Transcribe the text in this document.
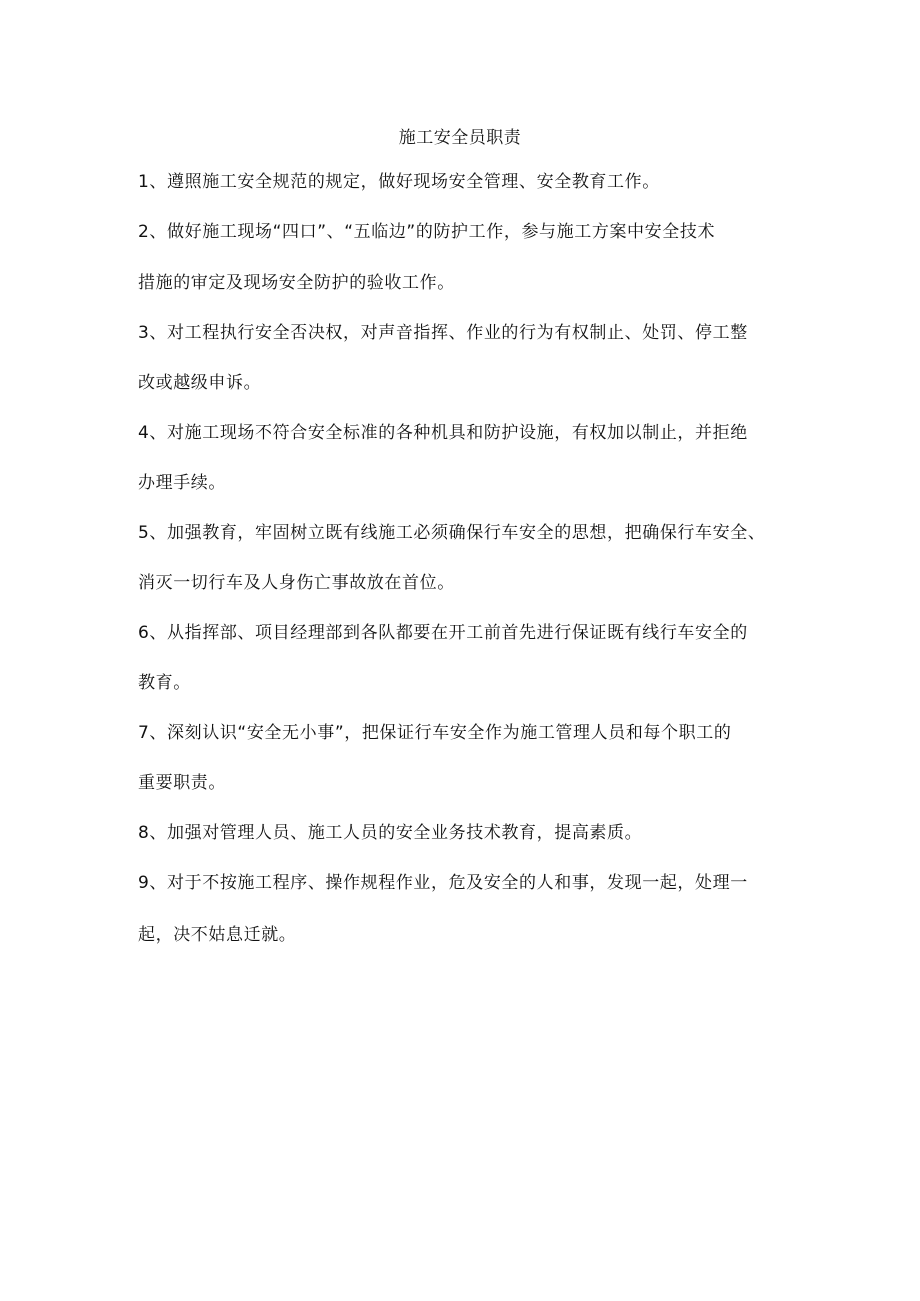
施工安全员职责
1、遵照施工安全规范的规定，做好现场安全管理、安全教育工作。
2、做好施工现场“四口”、“五临边”的防护工作，参与施工方案中安全技术
措施的审定及现场安全防护的验收工作。
3、对工程执行安全否决权，对声音指挥、作业的行为有权制止、处罚、停工整
改或越级申诉。
4、对施工现场不符合安全标准的各种机具和防护设施，有权加以制止，并拒绝
办理手续。
5、加强教育，牢固树立既有线施工必须确保行车安全的思想，把确保行车安全、
消灭一切行车及人身伤亡事故放在首位。
6、从指挥部、项目经理部到各队都要在开工前首先进行保证既有线行车安全的
教育。
7、深刻认识“安全无小事”，把保证行车安全作为施工管理人员和每个职工的
重要职责。
8、加强对管理人员、施工人员的安全业务技术教育，提高素质。
9、对于不按施工程序、操作规程作业，危及安全的人和事，发现一起，处理一
起，决不姑息迁就。
